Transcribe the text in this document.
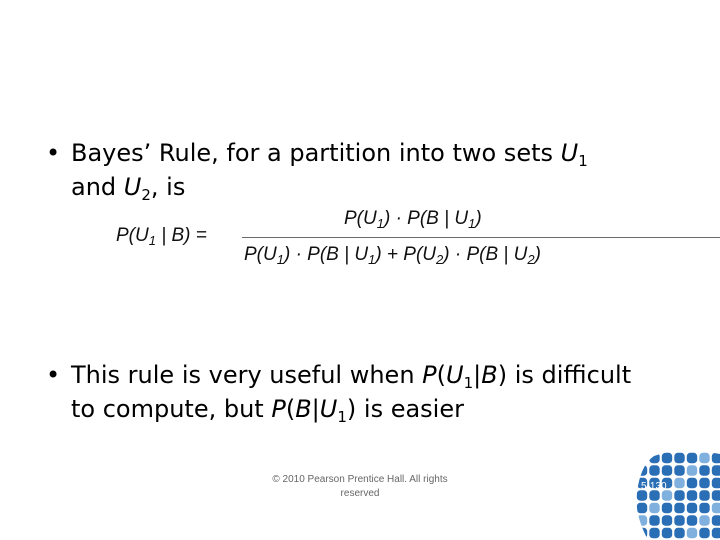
• Bayes’ Rule, for a partition into two sets $U_1$
and $U_2$, is
$P(U_1$ | B) =
$P(U_1) \cdot P(B$ | $U_1$)
$P(U_1) \cdot P(B$ | $U_1) + P(U_2) \cdot P(B$ | $U_2$)
• This rule is very useful when $P(U_1|B)$ is difficult
to compute, but $P(B|U_1)$ is easier
© 2010 Pearson Prentice Hall. All rights
reserved
5-130
